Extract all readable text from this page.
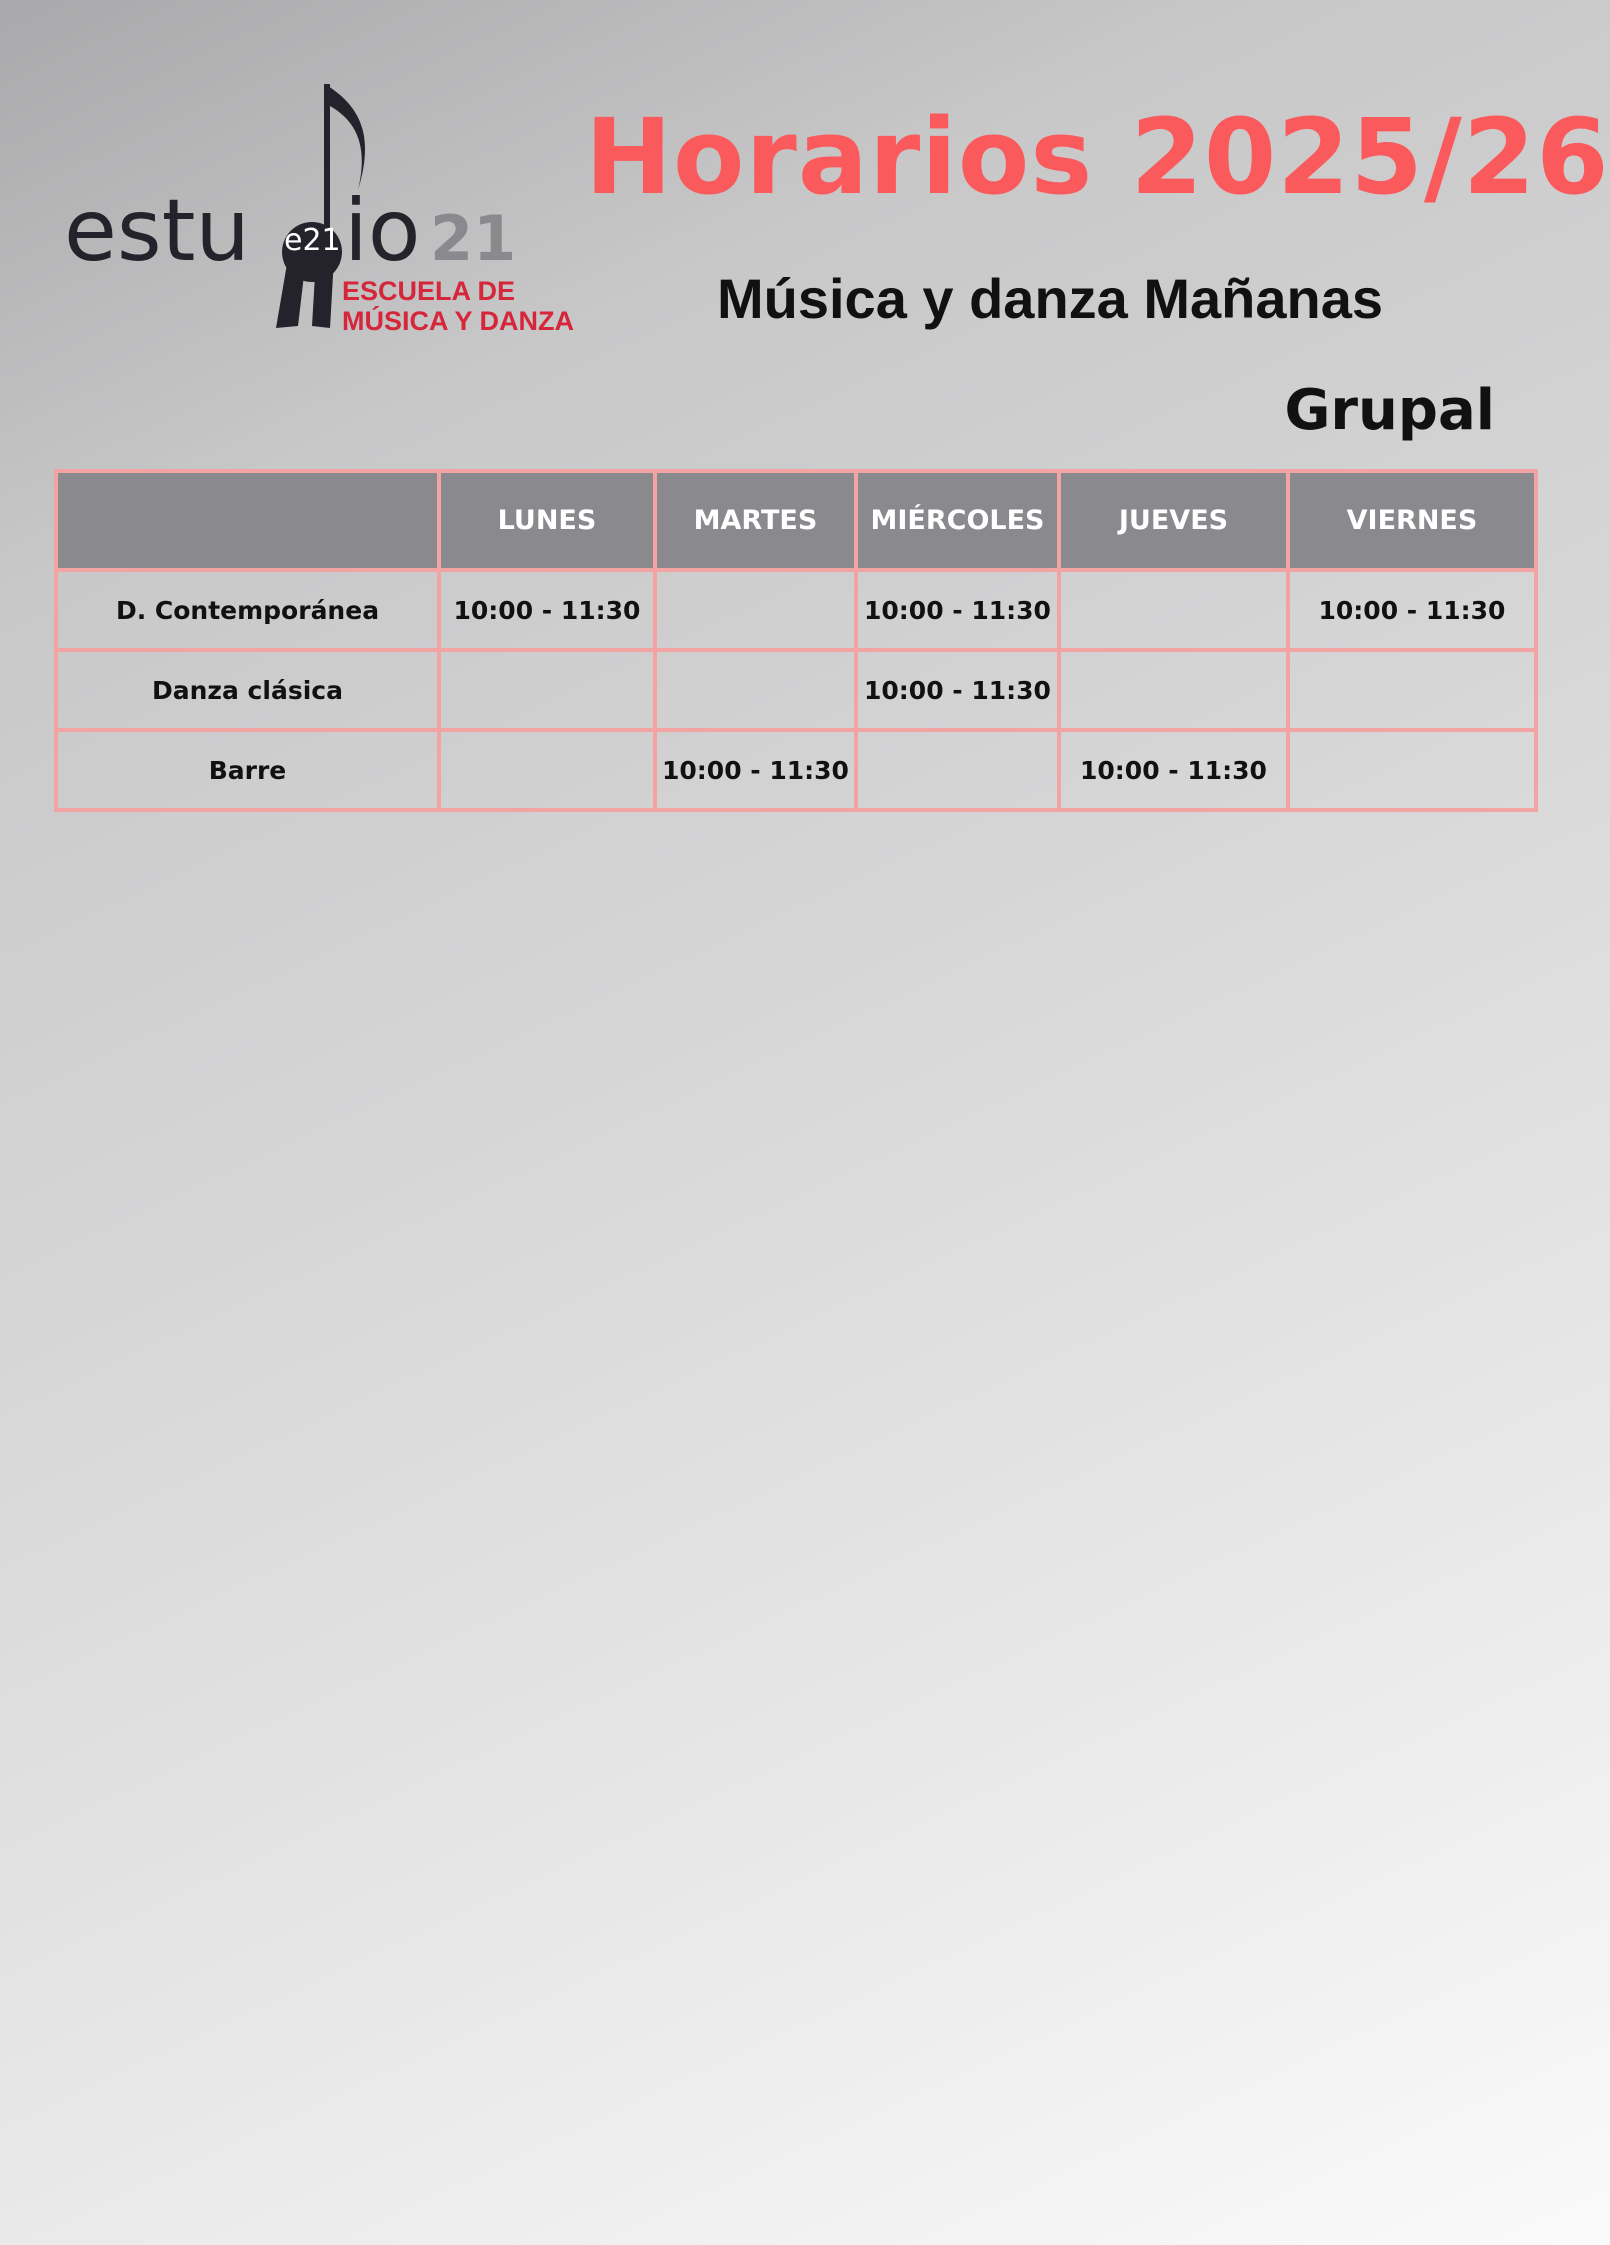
estu io 21
e21
ESCUELA DE
MÚSICA Y DANZA
Horarios 2025/26
Música y danza Mañanas
Grupal
	LUNES	MARTES	MIÉRCOLES	JUEVES	VIERNES
D. Contemporánea	10:00 - 11:30		10:00 - 11:30		10:00 - 11:30
Danza clásica			10:00 - 11:30		
Barre		10:00 - 11:30		10:00 - 11:30	
